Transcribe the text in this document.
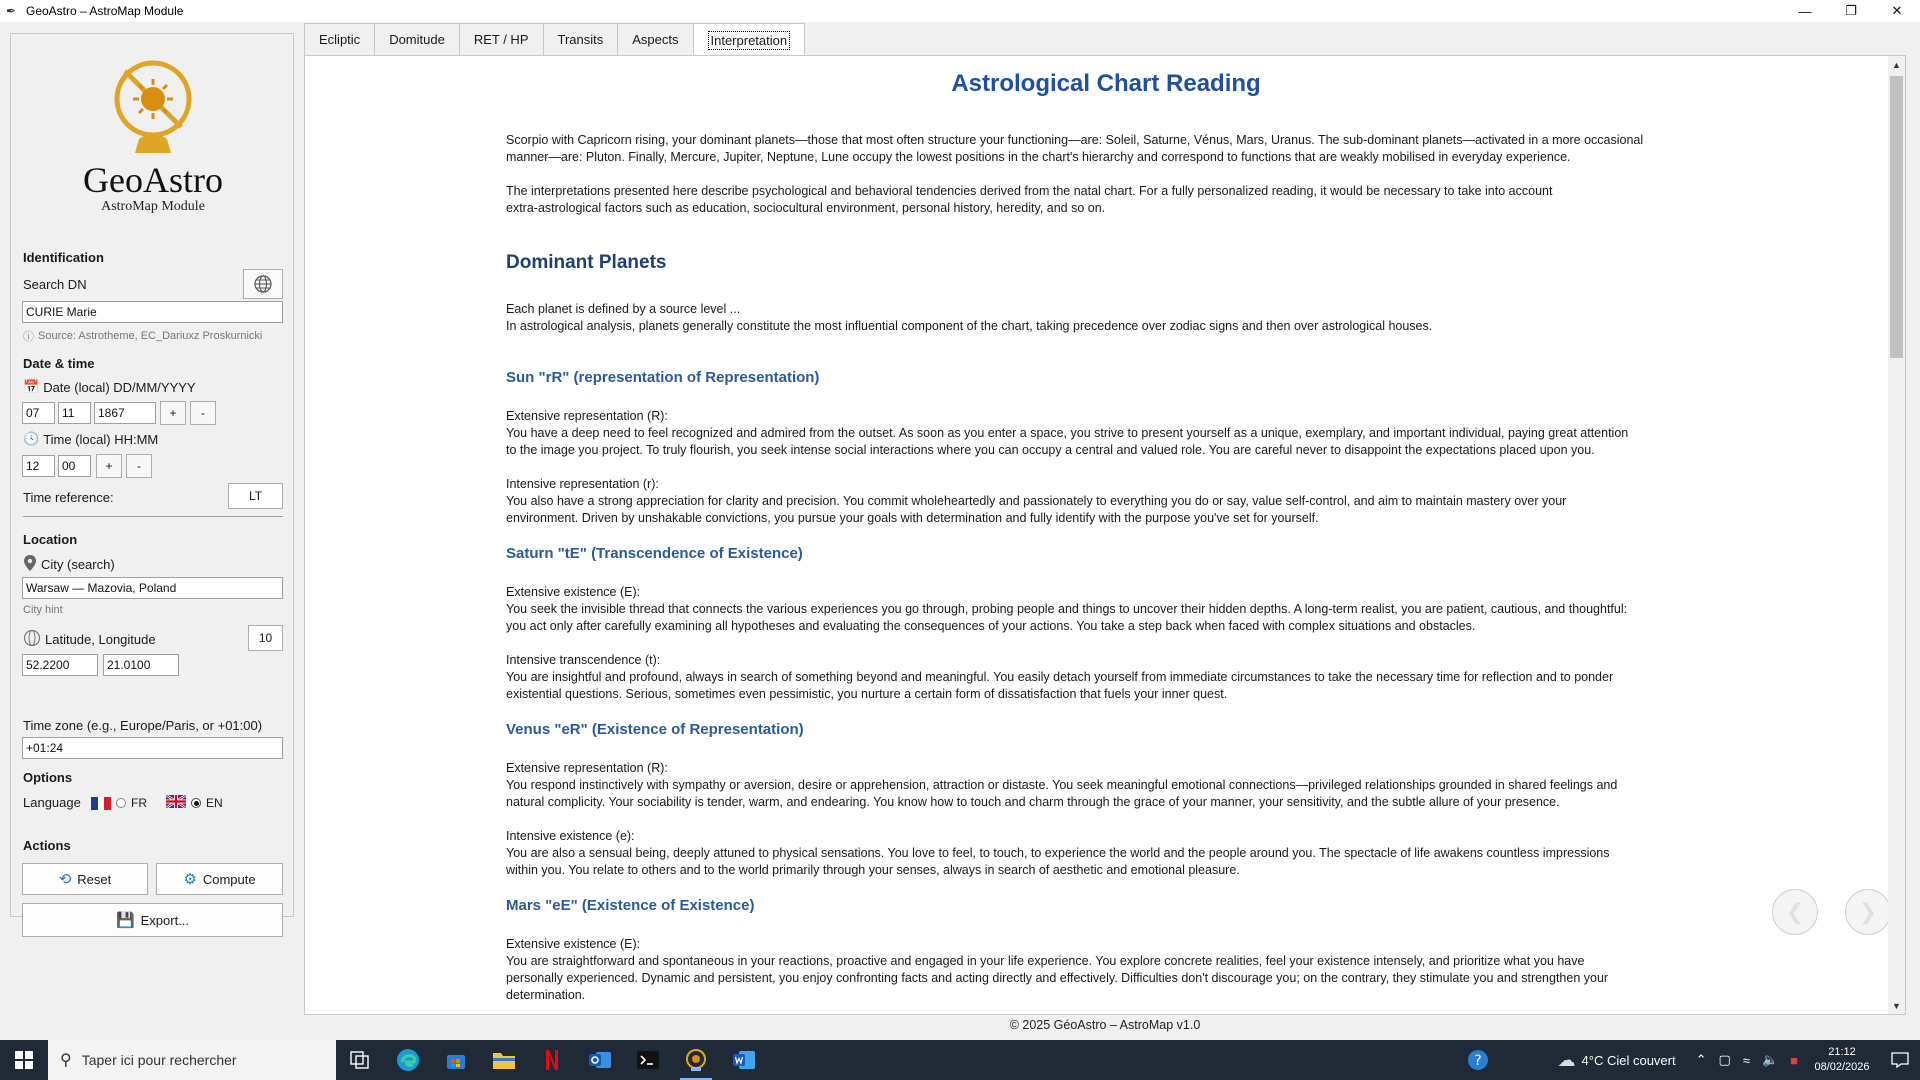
✒ GeoAstro – AstroMap Module	—	❐	✕
GeoAstro
AstroMap Module
Identification
Search DN
CURIE Marie
ⓘ Source: Astrotheme, EC_Dariuxz Proskurnicki
Date & time
📅 Date (local) DD/MM/YYYY
07	11	1867	+	-
🕓 Time (local) HH:MM
12	00	+	-
Time reference:	LT
Location
City (search)
Warsaw — Mazovia, Poland
City hint
Latitude, Longitude	10
52.2200	21.0100
Time zone (e.g., Europe/Paris, or +01:00)
+01:24
Options
Language	FR	EN
Actions
⟲ Reset	⚙ Compute
💾 Export...
Ecliptic	Domitude	RET / HP	Transits	Aspects	Interpretation
Astrological Chart Reading

Scorpio with Capricorn rising, your dominant planets—those that most often structure your functioning—are: Soleil, Saturne, Vénus, Mars, Uranus. The sub-dominant planets—activated in a more occasional
manner—are: Pluton. Finally, Mercure, Jupiter, Neptune, Lune occupy the lowest positions in the chart's hierarchy and correspond to functions that are weakly mobilised in everyday experience.

The interpretations presented here describe psychological and behavioral tendencies derived from the natal chart. For a fully personalized reading, it would be necessary to take into account
extra-astrological factors such as education, sociocultural environment, personal history, heredity, and so on.

Dominant Planets

Each planet is defined by a source level ...
In astrological analysis, planets generally constitute the most influential component of the chart, taking precedence over zodiac signs and then over astrological houses.

Sun "rR" (representation of Representation)

Extensive representation (R):
You have a deep need to feel recognized and admired from the outset. As soon as you enter a space, you strive to present yourself as a unique, exemplary, and important individual, paying great attention
to the image you project. To truly flourish, you seek intense social interactions where you can occupy a central and valued role. You are careful never to disappoint the expectations placed upon you.

Intensive representation (r):
You also have a strong appreciation for clarity and precision. You commit wholeheartedly and passionately to everything you do or say, value self-control, and aim to maintain mastery over your
environment. Driven by unshakable convictions, you pursue your goals with determination and fully identify with the purpose you've set for yourself.

Saturn "tE" (Transcendence of Existence)

Extensive existence (E):
You seek the invisible thread that connects the various experiences you go through, probing people and things to uncover their hidden depths. A long-term realist, you are patient, cautious, and thoughtful:
you act only after carefully examining all hypotheses and evaluating the consequences of your actions. You take a step back when faced with complex situations and obstacles.

Intensive transcendence (t):
You are insightful and profound, always in search of something beyond and meaningful. You easily detach yourself from immediate circumstances to take the necessary time for reflection and to ponder
existential questions. Serious, sometimes even pessimistic, you nurture a certain form of dissatisfaction that fuels your inner quest.

Venus "eR" (Existence of Representation)

Extensive representation (R):
You respond instinctively with sympathy or aversion, desire or apprehension, attraction or distaste. You seek meaningful emotional connections—privileged relationships grounded in shared feelings and
natural complicity. Your sociability is tender, warm, and endearing. You know how to touch and charm through the grace of your manner, your sensitivity, and the subtle allure of your presence.

Intensive existence (e):
You are also a sensual being, deeply attuned to physical sensations. You love to feel, to touch, to experience the world and the people around you. The spectacle of life awakens countless impressions
within you. You relate to others and to the world primarily through your senses, always in search of aesthetic and emotional pleasure.

Mars "eE" (Existence of Existence)

Extensive existence (E):
You are straightforward and spontaneous in your reactions, proactive and engaged in your life experience. You explore concrete realities, feel your existence intensely, and prioritize what you have
personally experienced. Dynamic and persistent, you enjoy confronting facts and acting directly and effectively. Difficulties don't discourage you; on the contrary, they stimulate you and strengthen your
determination.

❮ ❯
▲
▼
© 2025 GéoAstro – AstroMap v1.0
⚲ Taper ici pour rechercher	?	☁ 4°C Ciel couvert ⌃ ▢ ≈ 🔈 ■
21:12
08/02/2026
